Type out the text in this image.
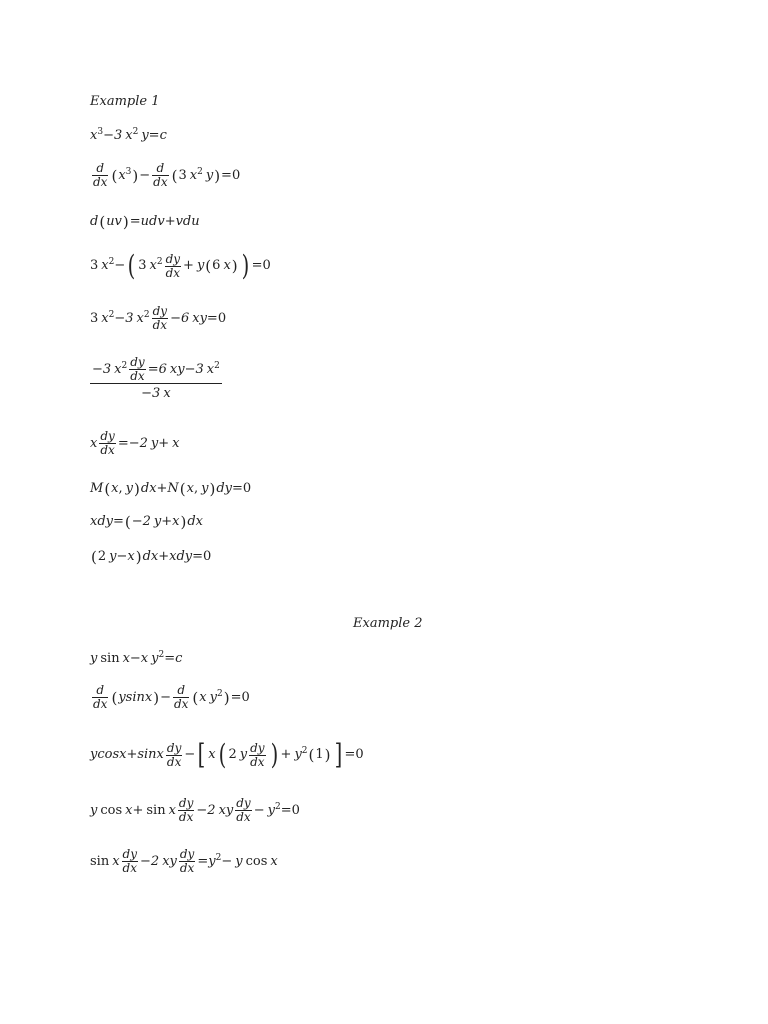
Example 1
$x^3 -3$ $x^2$ y=c
$\frac{d}{dx}$ ( $x^3$ ) − $\frac{d}{dx}$ ( 3 $x^2$ y ) =0
d ( uv ) =udv+vdu
3 $x^2$ − ( 3 $x^2 \frac{dy}{dx} + y$ ( 6 x ) ) =0
3 $x^2 -3$ $x^2 \frac{dy}{dx} -6$ xy= 0
−3 $x^2 \frac{dy}{dx} =6$ xy−3 $x^2$
−3 x
x $\frac{dy}{dx} =-2$ y+ x
M ( x , y ) dx+N ( x , y ) dy= 0
xdy= ( −2 y+x ) dx
( 2 y−x ) dx+xdy= 0
Example 2
y sin x−x $y^2 =c$
$\frac{d}{dx}$ ( ysinx ) − $\frac{d}{dx}$ ( x $y^2$ ) =0
$ycosx+\sin x \frac{dy}{dx}$ − [ x ( 2 y $\frac{dy}{dx}$ ) + $y^2$ ( 1 ) ] =0
y cos x+ sin x $\frac{dy}{dx} -2$ xy $\frac{dy}{dx} - y^2 = 0$
sin x $\frac{dy}{dx} -2$ xy $\frac{dy}{dx} =y^2 - y$ cos x
